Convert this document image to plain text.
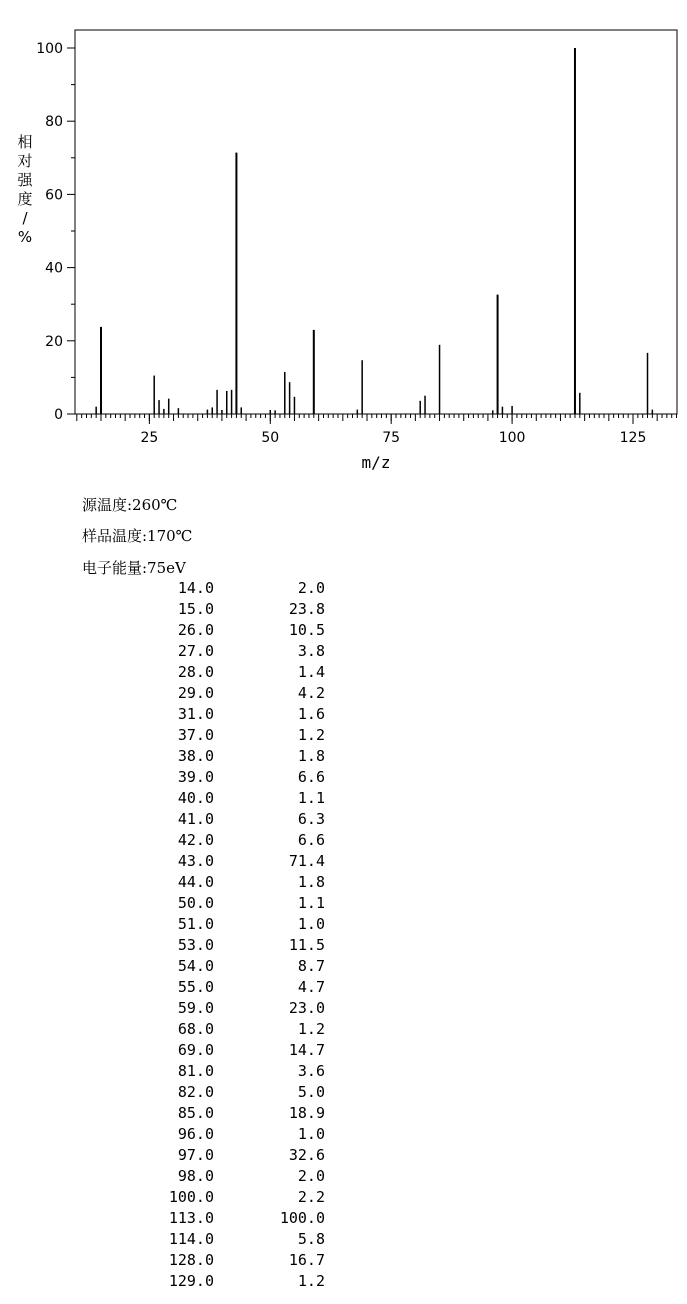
0
20
40
60
80
100
25	50	75	100	125
m/z
相对强度/ %
源温度:260℃
样品温度:170℃
电子能量:75eV
14.0	2.0
15.0	23.8
26.0	10.5
27.0	3.8
28.0	1.4
29.0	4.2
31.0	1.6
37.0	1.2
38.0	1.8
39.0	6.6
40.0	1.1
41.0	6.3
42.0	6.6
43.0	71.4
44.0	1.8
50.0	1.1
51.0	1.0
53.0	11.5
54.0	8.7
55.0	4.7
59.0	23.0
68.0	1.2
69.0	14.7
81.0	3.6
82.0	5.0
85.0	18.9
96.0	1.0
97.0	32.6
98.0	2.0
100.0	2.2
113.0	100.0
114.0	5.8
128.0	16.7
129.0	1.2
